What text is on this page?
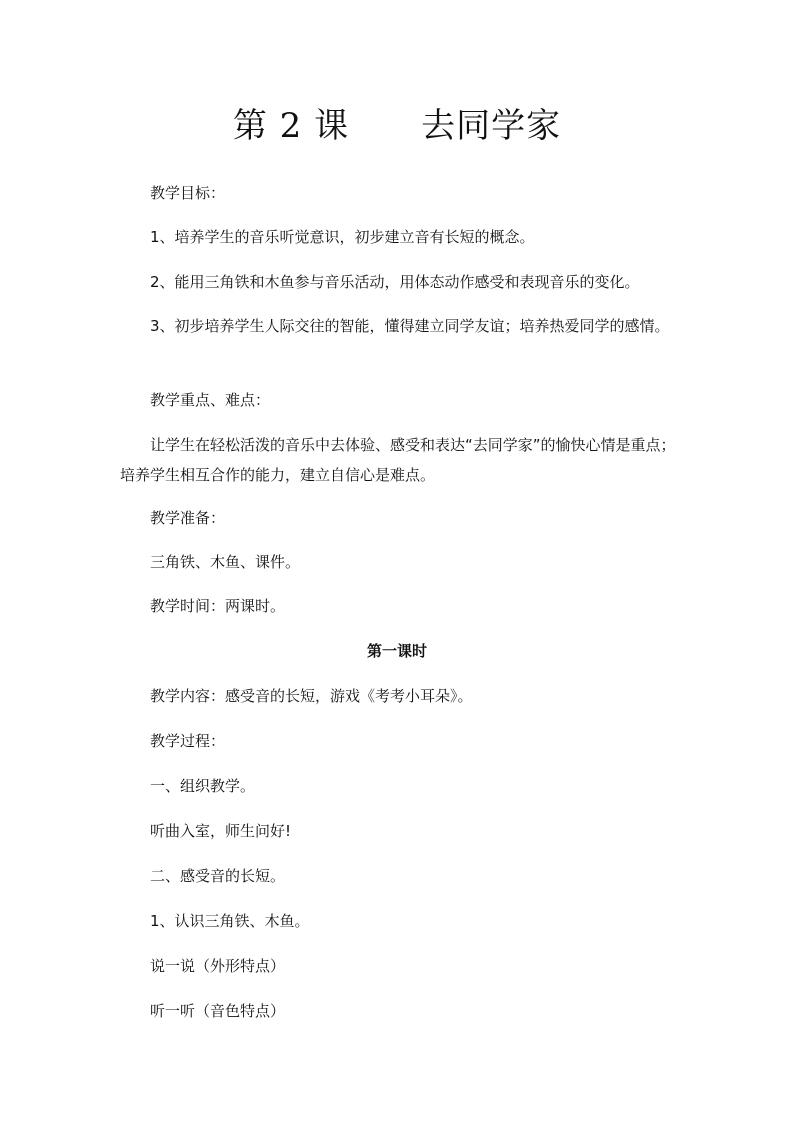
第 2 课 去同学家

教学目标：

1、培养学生的音乐听觉意识，初步建立音有长短的概念。

2、能用三角铁和木鱼参与音乐活动，用体态动作感受和表现音乐的变化。

3、初步培养学生人际交往的智能，懂得建立同学友谊；培养热爱同学的感情。

教学重点、难点：

让学生在轻松活泼的音乐中去体验、感受和表达“去同学家”的愉快心情是重点；培养学生相互合作的能力，建立自信心是难点。

教学准备：

三角铁、木鱼、课件。

教学时间：两课时。

第一课时

教学内容：感受音的长短，游戏《考考小耳朵》。

教学过程：

一、组织教学。

听曲入室，师生问好!

二、感受音的长短。

1、认识三角铁、木鱼。

说一说（外形特点）

听一听（音色特点）
